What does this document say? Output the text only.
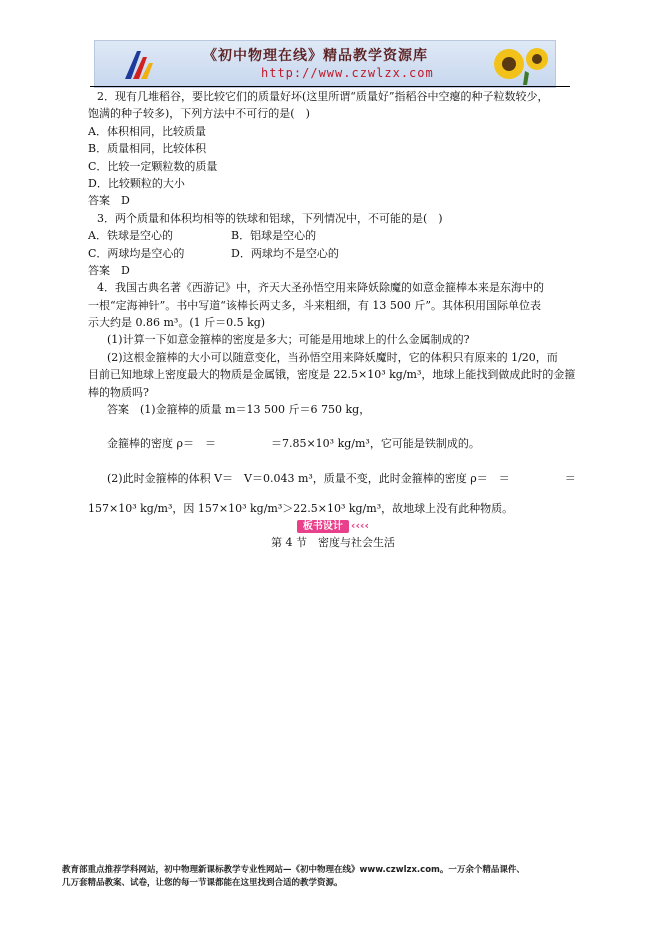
《初中物理在线》精品教学资源库
http://www.czwlzx.com
2．现有几堆稻谷，要比较它们的质量好坏(这里所谓“质量好”指稻谷中空瘪的种子粒数较少，
饱满的种子较多)，下列方法中不可行的是(　)
A．体积相同，比较质量
B．质量相同，比较体积
C．比较一定颗粒数的质量
D．比较颗粒的大小
答案　D
3．两个质量和体积均相等的铁球和铝球，下列情况中，不可能的是(　)
A．铁球是空心的	B．铝球是空心的
C．两球均是空心的	D．两球均不是空心的
答案　D
4．我国古典名著《西游记》中，齐天大圣孙悟空用来降妖除魔的如意金箍棒本来是东海中的
一根“定海神针”。书中写道“该棒长两丈多，斗来粗细，有 13 500 斤”。其体积用国际单位表
示大约是 0.86 m³。(1 斤＝0.5 kg)
(1)计算一下如意金箍棒的密度是多大；可能是用地球上的什么金属制成的?
(2)这根金箍棒的大小可以随意变化，当孙悟空用来降妖魔时，它的体积只有原来的 1/20，而
目前已知地球上密度最大的物质是金属锇，密度是 22.5×10³ kg/m³，地球上能找到做成此时的金箍
棒的物质吗?
答案　(1)金箍棒的质量 m＝13 500 斤＝6 750 kg，
金箍棒的密度 ρ＝　＝　　　　　＝7.85×10³ kg/m³，它可能是铁制成的。
(2)此时金箍棒的体积 V＝　V＝0.043 m³，质量不变，此时金箍棒的密度 ρ＝　＝　　　　　＝
157×10³ kg/m³，因 157×10³ kg/m³＞22.5×10³ kg/m³，故地球上没有此种物质。
板书设计 ‹‹‹‹
第 4 节　密度与社会生活
教育部重点推荐学科网站，初中物理新课标教学专业性网站—《初中物理在线》www.czwlzx.com。一万余个精品课件、
几万套精品教案、试卷，让您的每一节课都能在这里找到合适的教学资源。
